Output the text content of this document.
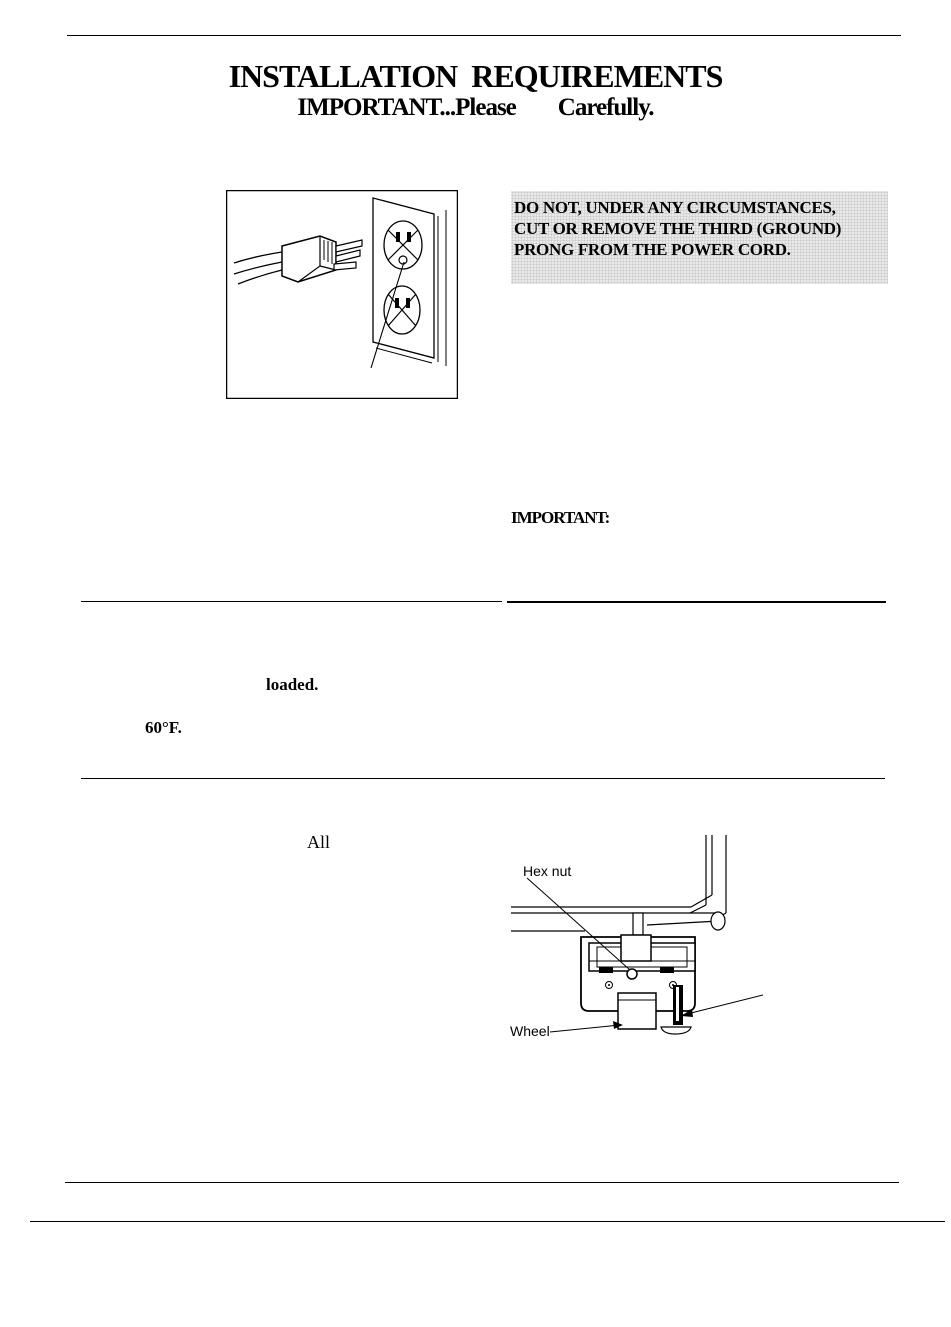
INSTALLATION  REQUIREMENTS
IMPORTANT...Please        Carefully.
DO NOT, UNDER ANY CIRCUMSTANCES,
CUT OR REMOVE THE THIRD (GROUND)
PRONG FROM THE POWER CORD.
IMPORTANT:
loaded.
60°F.
All
Hex nut
Wheel
